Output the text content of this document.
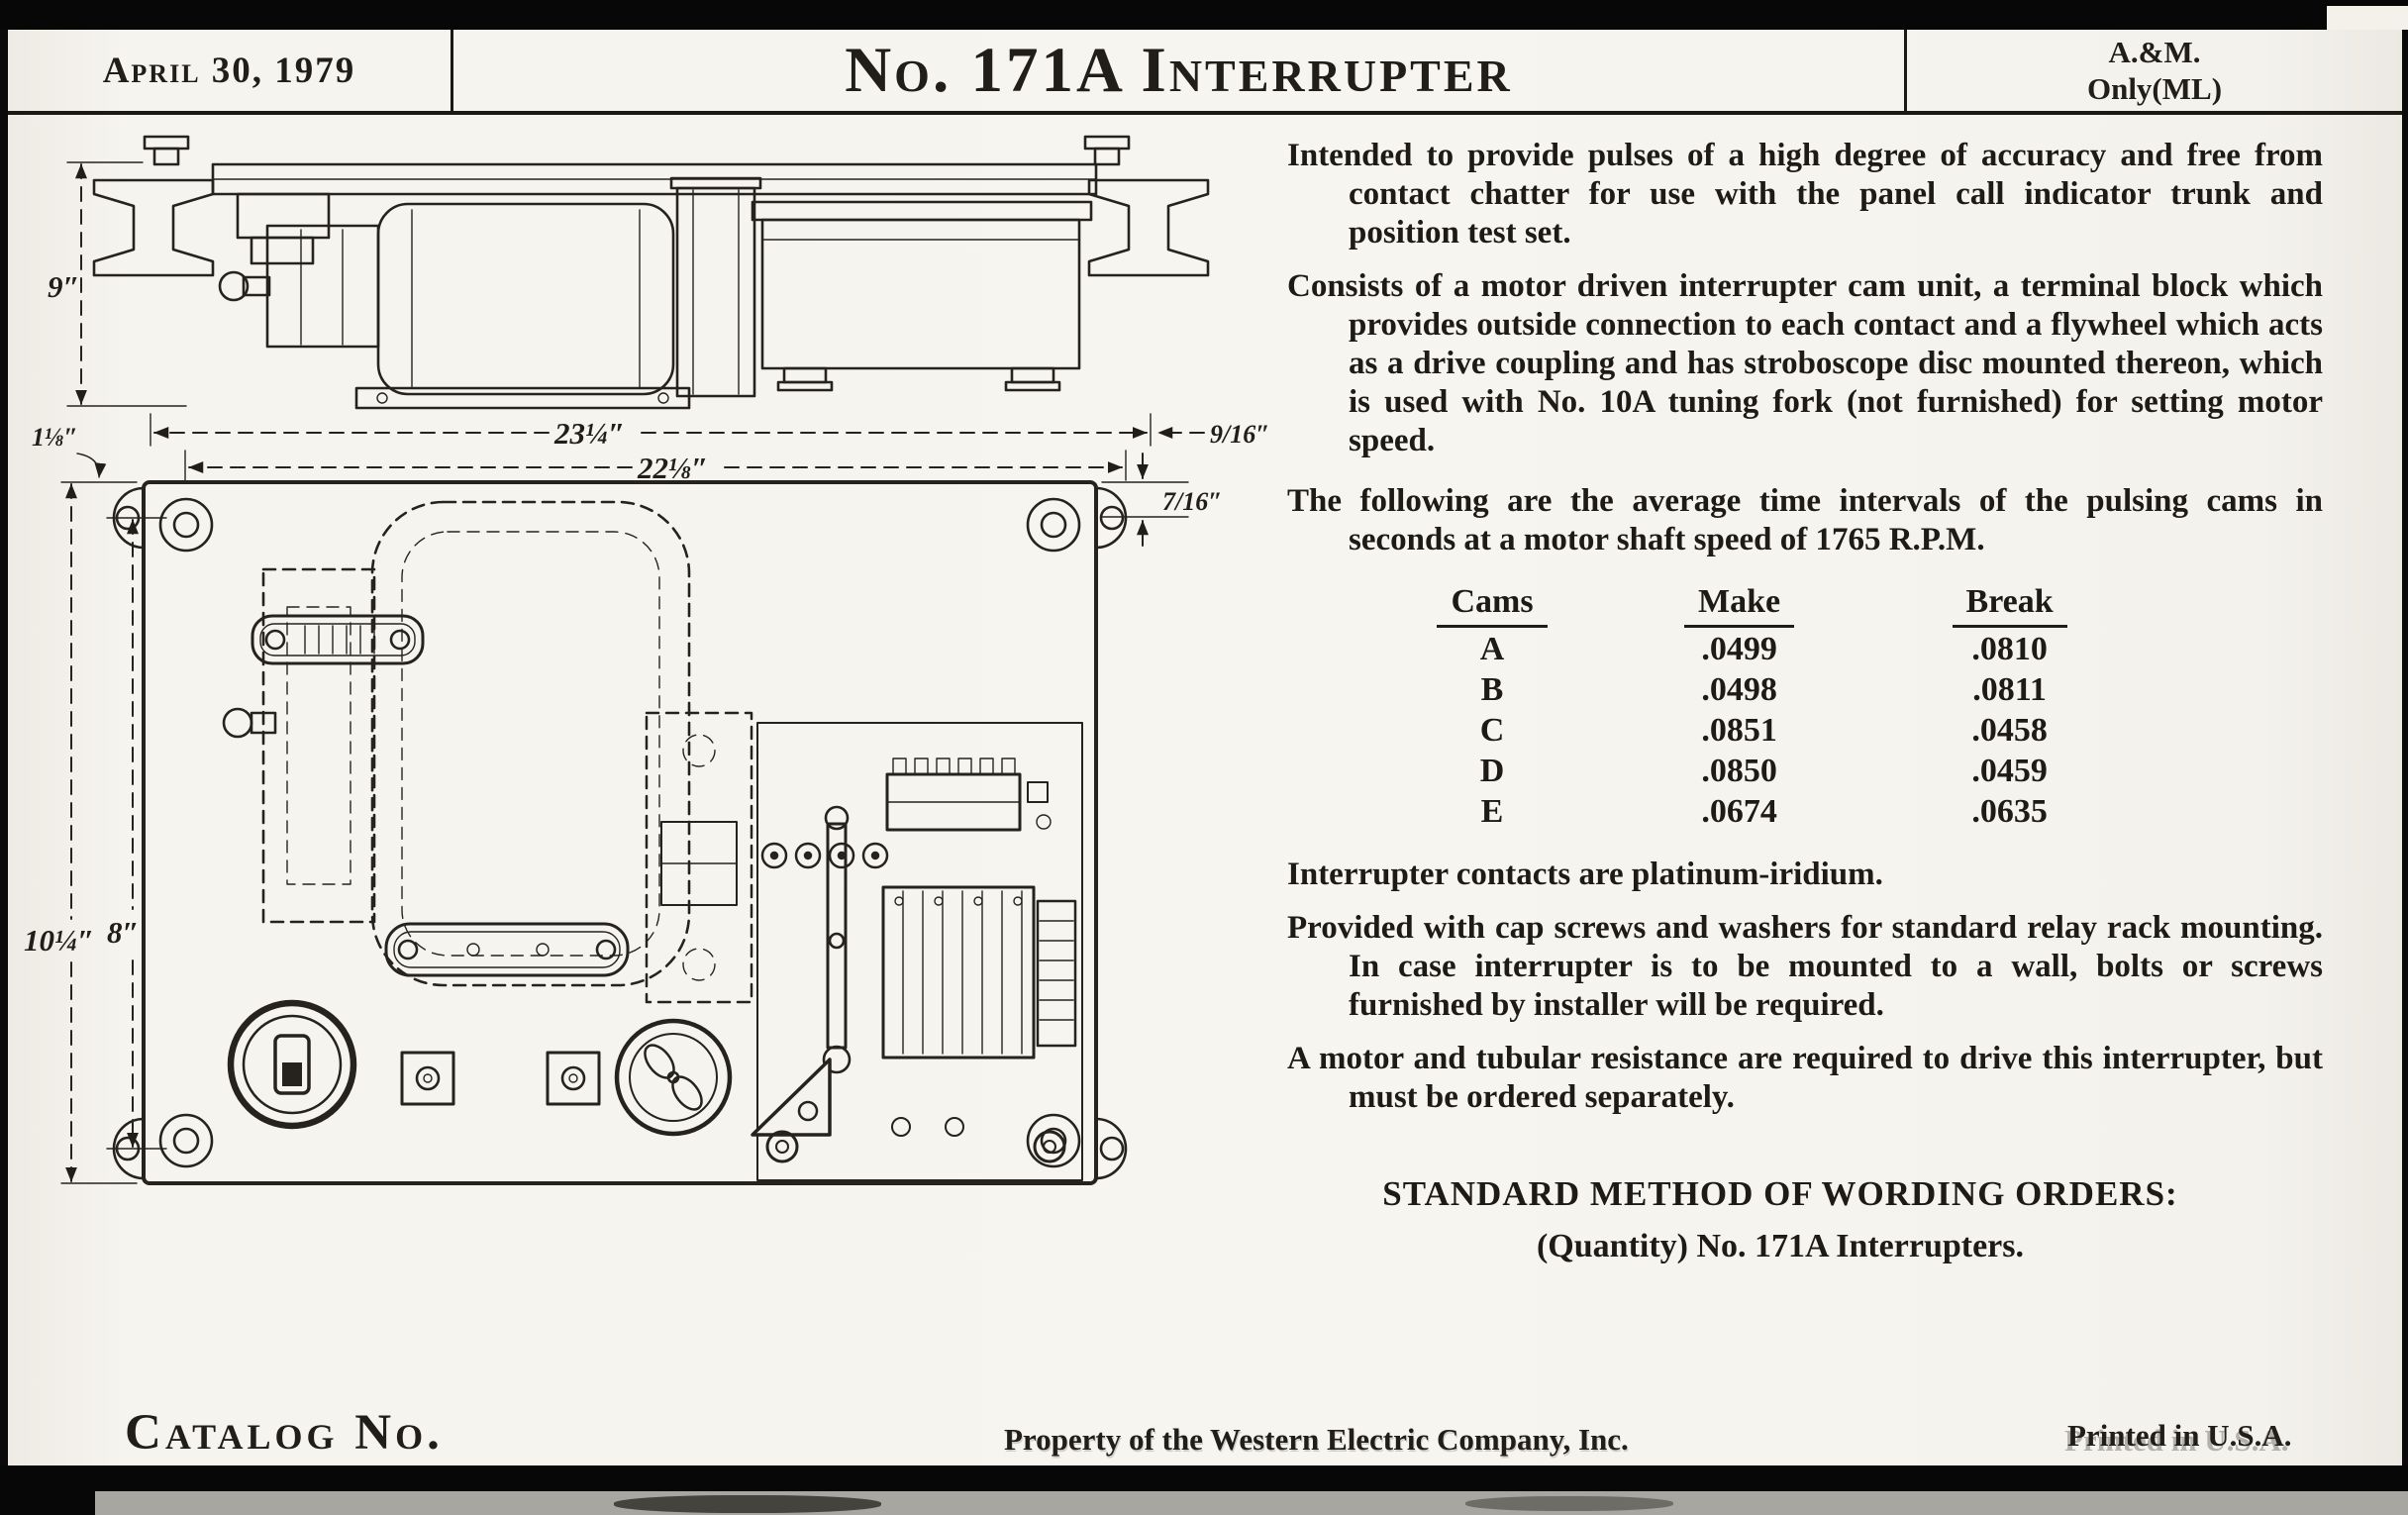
April 30, 1979	No. 171A Interrupter	A.&M.
Only(ML)
9″
23¼″
22⅛″
9/16″
7/16″
1⅛″
10¼″ 8″

Intended to provide pulses of a high degree of accuracy and free from contact chatter for use with the panel call indicator trunk and position test set.

Consists of a motor driven interrupter cam unit, a terminal block which provides outside connection to each contact and a flywheel which acts as a drive coupling and has stroboscope disc mounted thereon, which is used with No. 10A tuning fork (not furnished) for setting motor speed.

The following are the average time intervals of the pulsing cams in seconds at a motor shaft speed of 1765 R.P.M.

Cams	Make	Break
A	.0499	.0810
B	.0498	.0811
C	.0851	.0458
D	.0850	.0459
E	.0674	.0635

Interrupter contacts are platinum-iridium.

Provided with cap screws and washers for standard relay rack mounting. In case interrupter is to be mounted to a wall, bolts or screws furnished by installer will be required.

A motor and tubular resistance are required to drive this interrupter, but must be ordered separately.

STANDARD METHOD OF WORDING ORDERS:
(Quantity) No. 171A Interrupters.
Catalog No.	Property of the Western Electric Company, Inc.	Printed in U.S.A.
